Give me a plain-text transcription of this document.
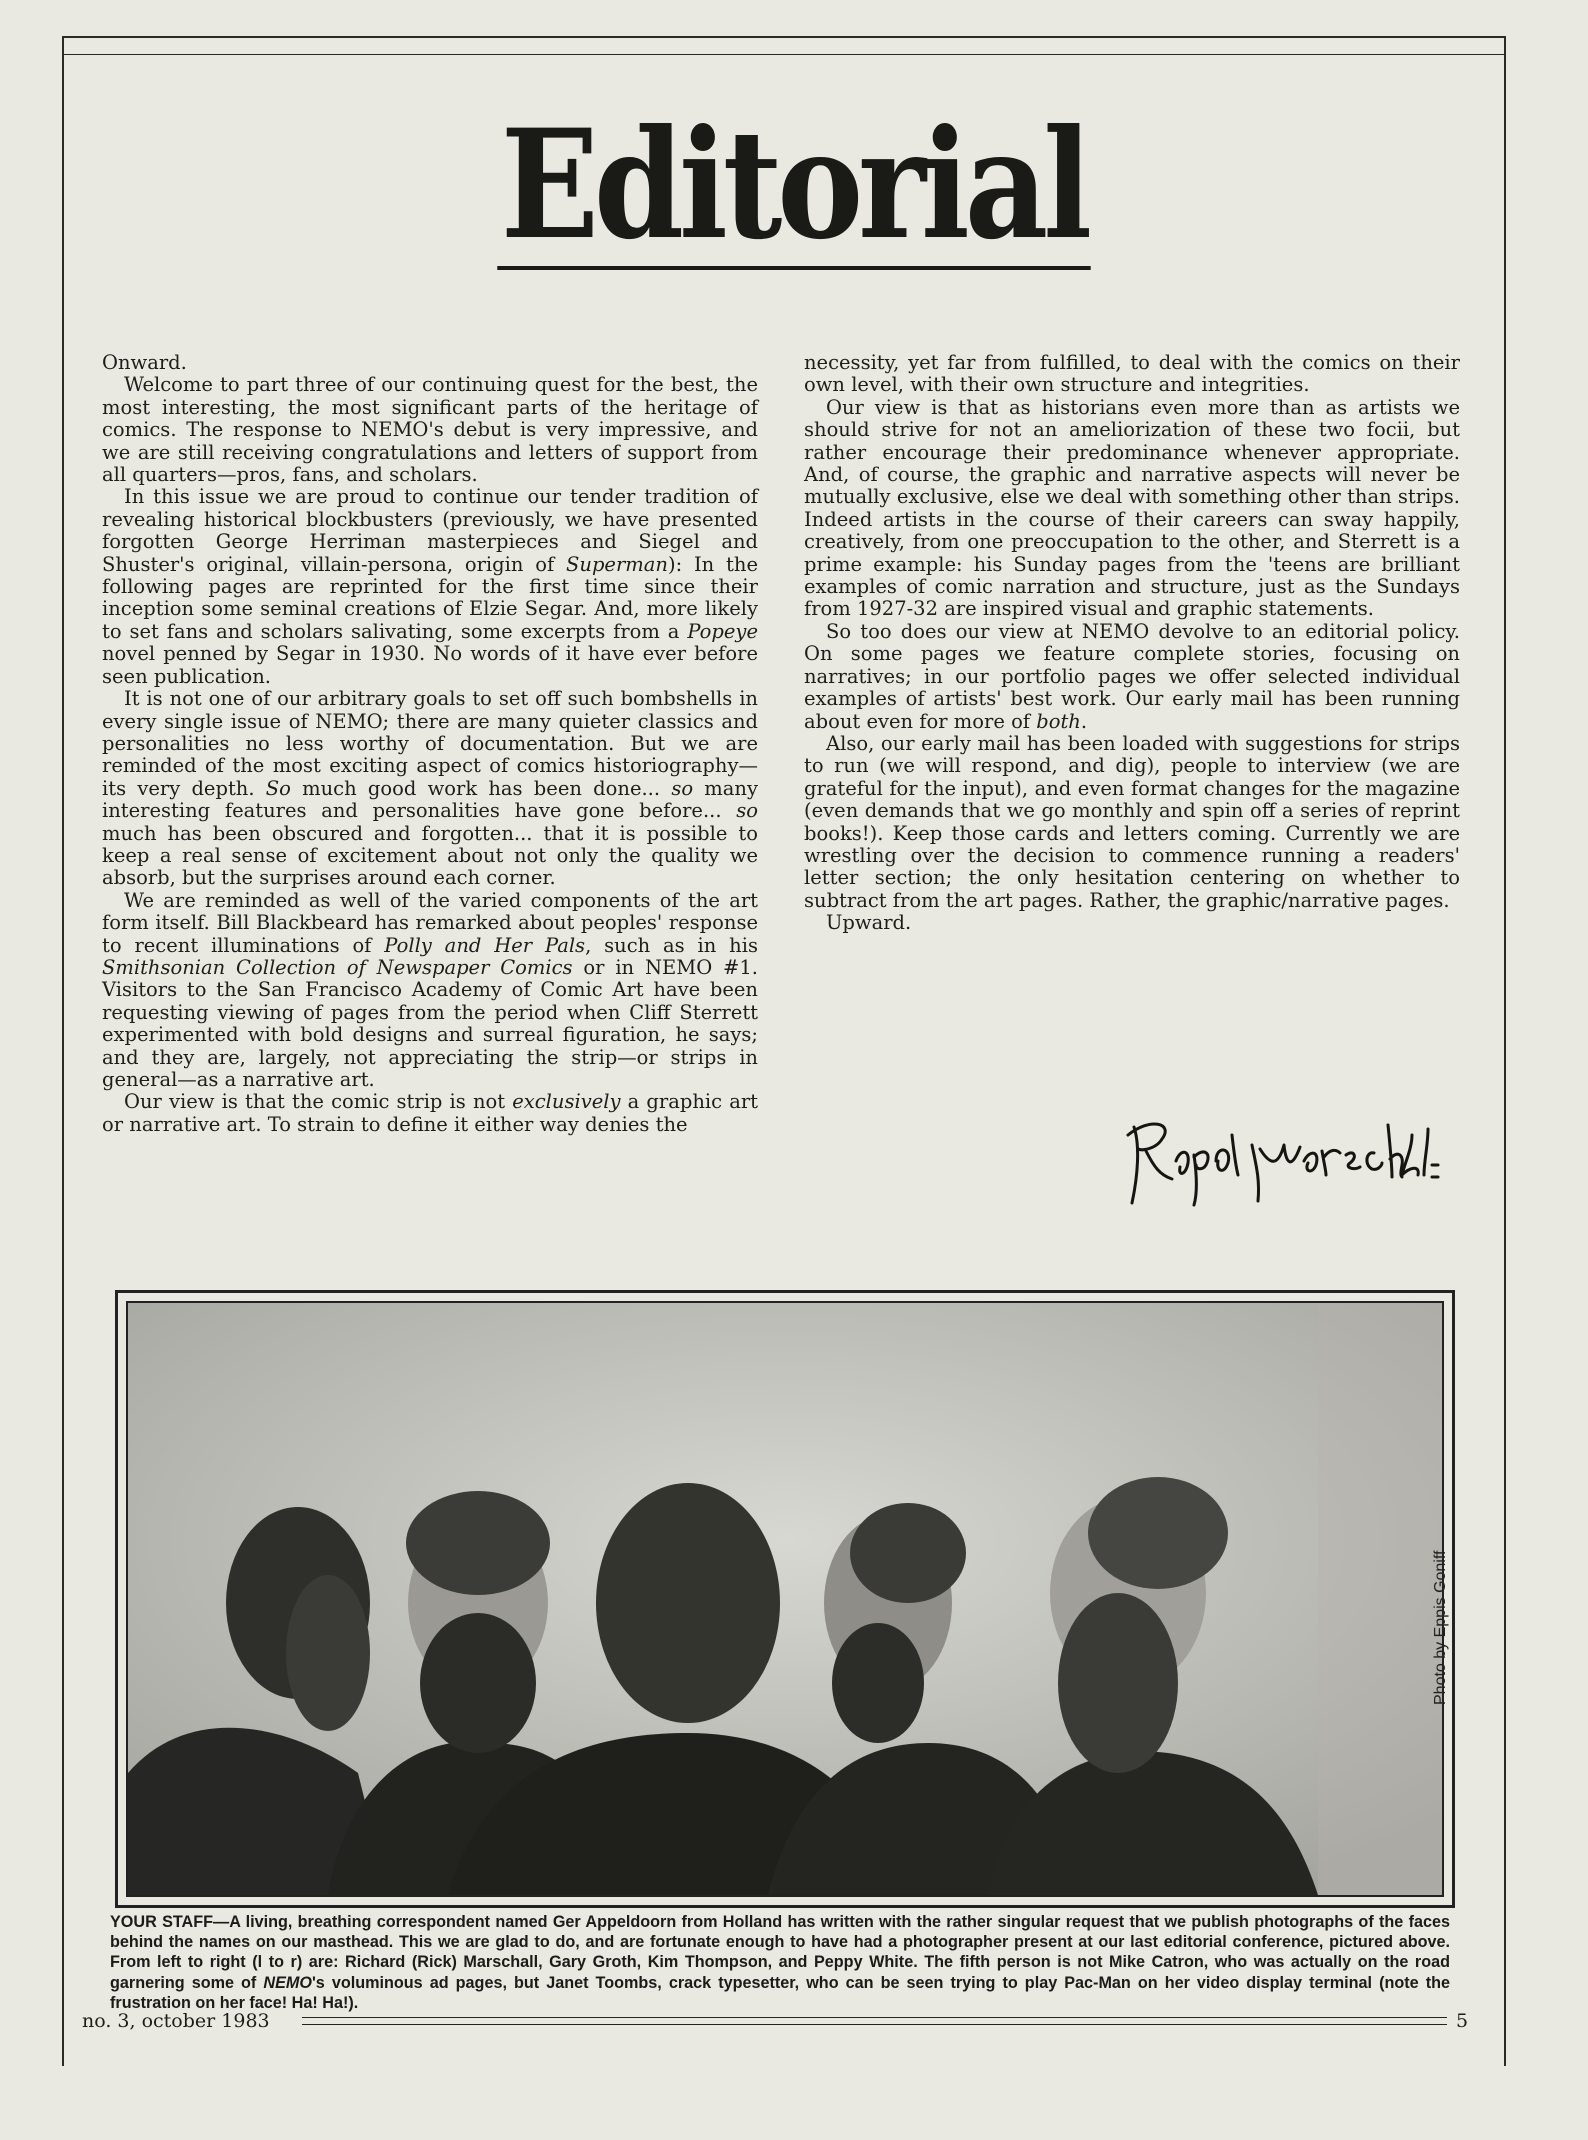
Editorial

Onward.

Welcome to part three of our continuing quest for the best, the most interesting, the most significant parts of the heritage of comics. The response to NEMO's debut is very impressive, and we are still receiving congratulations and letters of support from all quarters—pros, fans, and scholars.

In this issue we are proud to continue our tender tradition of revealing historical blockbusters (previously, we have presented forgotten George Herriman masterpieces and Siegel and Shuster's original, villain-persona, origin of Superman): In the following pages are reprinted for the first time since their inception some seminal creations of Elzie Segar. And, more likely to set fans and scholars salivating, some excerpts from a Popeye novel penned by Segar in 1930. No words of it have ever before seen publication.

It is not one of our arbitrary goals to set off such bombshells in every single issue of NEMO; there are many quieter classics and personalities no less worthy of documentation. But we are reminded of the most exciting aspect of comics historiography—its very depth. So much good work has been done... so many interesting features and personalities have gone before... so much has been obscured and forgotten... that it is possible to keep a real sense of excitement about not only the quality we absorb, but the surprises around each corner.

We are reminded as well of the varied components of the art form itself. Bill Blackbeard has remarked about peoples' response to recent illuminations of Polly and Her Pals, such as in his Smithsonian Collection of Newspaper Comics or in NEMO #1. Visitors to the San Francisco Academy of Comic Art have been requesting viewing of pages from the period when Cliff Sterrett experimented with bold designs and surreal figuration, he says; and they are, largely, not appreciating the strip—or strips in general—as a narrative art.

Our view is that the comic strip is not exclusively a graphic art or narrative art. To strain to define it either way denies the

necessity, yet far from fulfilled, to deal with the comics on their own level, with their own structure and integrities.

Our view is that as historians even more than as artists we should strive for not an ameliorization of these two focii, but rather encourage their predominance whenever appropriate. And, of course, the graphic and narrative aspects will never be mutually exclusive, else we deal with something other than strips. Indeed artists in the course of their careers can sway happily, creatively, from one preoccupation to the other, and Sterrett is a prime example: his Sunday pages from the 'teens are brilliant examples of comic narration and structure, just as the Sundays from 1927-32 are inspired visual and graphic statements.

So too does our view at NEMO devolve to an editorial policy. On some pages we feature complete stories, focusing on narratives; in our portfolio pages we offer selected individual examples of artists' best work. Our early mail has been running about even for more of both.

Also, our early mail has been loaded with suggestions for strips to run (we will respond, and dig), people to interview (we are grateful for the input), and even format changes for the magazine (even demands that we go monthly and spin off a series of reprint books!). Keep those cards and letters coming. Currently we are wrestling over the decision to commence running a readers' letter section; the only hesitation centering on whether to subtract from the art pages. Rather, the graphic/narrative pages.

Upward.

Photo by Eppis Goniff
YOUR STAFF—A living, breathing correspondent named Ger Appeldoorn from Holland has written with the rather singular request that we publish photographs of the faces behind the names on our masthead. This we are glad to do, and are fortunate enough to have had a photographer present at our last editorial conference, pictured above. From left to right (l to r) are: Richard (Rick) Marschall, Gary Groth, Kim Thompson, and Peppy White. The fifth person is not Mike Catron, who was actually on the road garnering some of NEMO's voluminous ad pages, but Janet Toombs, crack typesetter, who can be seen trying to play Pac-Man on her video display terminal (note the frustration on her face! Ha! Ha!).
no. 3, october 1983	5
